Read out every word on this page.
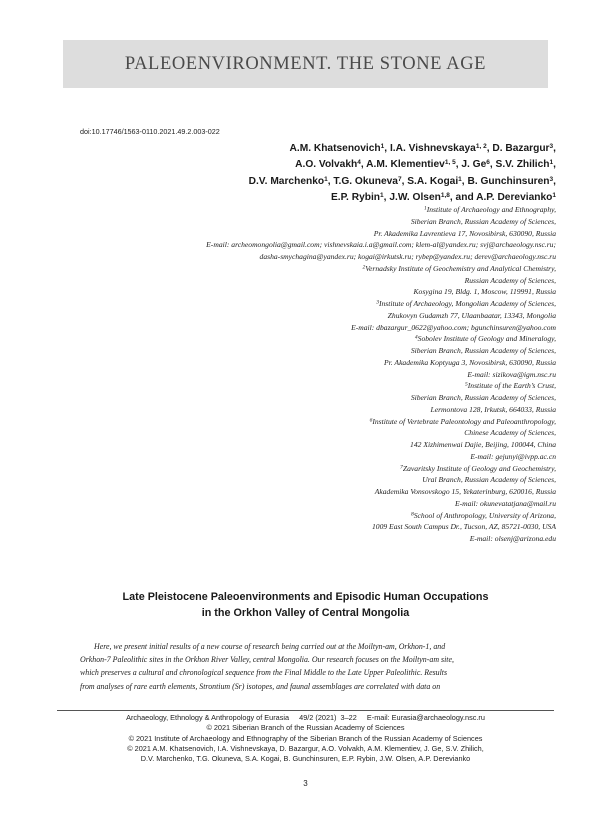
PALEOENVIRONMENT. THE STONE AGE
doi:10.17746/1563-0110.2021.49.2.003-022
A.M. Khatsenovich$^1$, I.A. Vishnevskaya$^{1, 2}$, D. Bazargur$^3$,
A.O. Volvakh$^4$, A.M. Klementiev$^{1, 5}$, J. Ge$^6$, S.V. Zhilich$^1$,
D.V. Marchenko$^1$, T.G. Okuneva$^7$, S.A. Kogai$^1$, B. Gunchinsuren$^3$,
E.P. Rybin$^1$, J.W. Olsen$^{1,8}$, and A.P. Derevianko$^1$
$^1$Institute of Archaeology and Ethnography,
Siberian Branch, Russian Academy of Sciences,
Pr. Akademika Lavrentieva 17, Novosibirsk, 630090, Russia
E-mail: archeomongolia@gmail.com; vishnevskaia.i.a@gmail.com; klem-al@yandex.ru; svj@archaeology.nsc.ru;
dasha-smychagina@yandex.ru; kogai@irkutsk.ru; rybep@yandex.ru; derev@archaeology.nsc.ru
$^2$Vernadsky Institute of Geochemistry and Analytical Chemistry,
Russian Academy of Sciences,
Kosygina 19, Bldg. 1, Moscow, 119991, Russia
$^3$Institute of Archaeology, Mongolian Academy of Sciences,
Zhukovyn Gudamzh 77, Ulaanbaatar, 13343, Mongolia
E-mail: dbazargur_0622@yahoo.com; bgunchinsuren@yahoo.com
$^4$Sobolev Institute of Geology and Mineralogy,
Siberian Branch, Russian Academy of Sciences,
Pr. Akademika Koptyuga 3, Novosibirsk, 630090, Russia
E-mail: sizikova@igm.nsc.ru
$^5$Institute of the Earth’s Crust,
Siberian Branch, Russian Academy of Sciences,
Lermontova 128, Irkutsk, 664033, Russia
$^6$Institute of Vertebrate Paleontology and Paleoanthropology,
Chinese Academy of Sciences,
142 Xizhimenwai Dajie, Beijing, 100044, China
E-mail: gejunyi@ivpp.ac.cn
$^7$Zavaritsky Institute of Geology and Geochemistry,
Ural Branch, Russian Academy of Sciences,
Akademika Vonsovskogo 15, Yekaterinburg, 620016, Russia
E-mail: okunevatatjana@mail.ru
$^8$School of Anthropology, University of Arizona,
1009 East South Campus Dr., Tucson, AZ, 85721-0030, USA
E-mail: olsenj@arizona.edu
Late Pleistocene Paleoenvironments and Episodic Human Occupations
in the Orkhon Valley of Central Mongolia
Here, we present initial results of a new course of research being carried out at the Moiltyn-am, Orkhon-1, and
Orkhon-7 Paleolithic sites in the Orkhon River Valley, central Mongolia. Our research focuses on the Moiltyn-am site,
which preserves a cultural and chronological sequence from the Final Middle to the Late Upper Paleolithic. Results
from analyses of rare earth elements, Strontium (Sr) isotopes, and faunal assemblages are correlated with data on
Archaeology, Ethnology & Anthropology of Eurasia     49/2 (2021)  3–22     E-mail: Eurasia@archaeology.nsc.ru
© 2021 Siberian Branch of the Russian Academy of Sciences
© 2021 Institute of Archaeology and Ethnography of the Siberian Branch of the Russian Academy of Sciences
© 2021 A.M. Khatsenovich, I.A. Vishnevskaya, D. Bazargur, A.O. Volvakh, A.M. Klementiev, J. Ge, S.V. Zhilich,
D.V. Marchenko, T.G. Okuneva, S.A. Kogai, B. Gunchinsuren, E.P. Rybin, J.W. Olsen, A.P. Derevianko
3
